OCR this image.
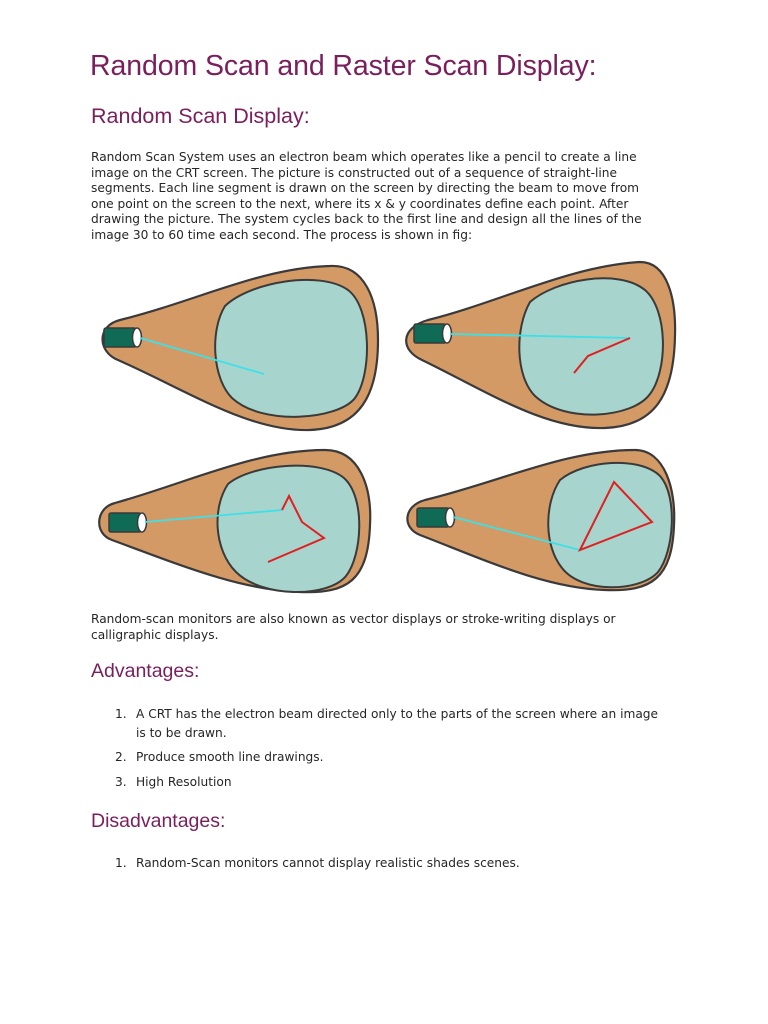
Random Scan and Raster Scan Display:
Random Scan Display:

Random Scan System uses an electron beam which operates like a pencil to create a line
image on the CRT screen. The picture is constructed out of a sequence of straight-line
segments. Each line segment is drawn on the screen by directing the beam to move from
one point on the screen to the next, where its x & y coordinates define each point. After
drawing the picture. The system cycles back to the first line and design all the lines of the
image 30 to 60 time each second. The process is shown in fig:

Random-scan monitors are also known as vector displays or stroke-writing displays or
calligraphic displays.

Advantages:
1. A CRT has the electron beam directed only to the parts of the screen where an image
is to be drawn.
2. Produce smooth line drawings.
3. High Resolution
Disadvantages:
1. Random-Scan monitors cannot display realistic shades scenes.
